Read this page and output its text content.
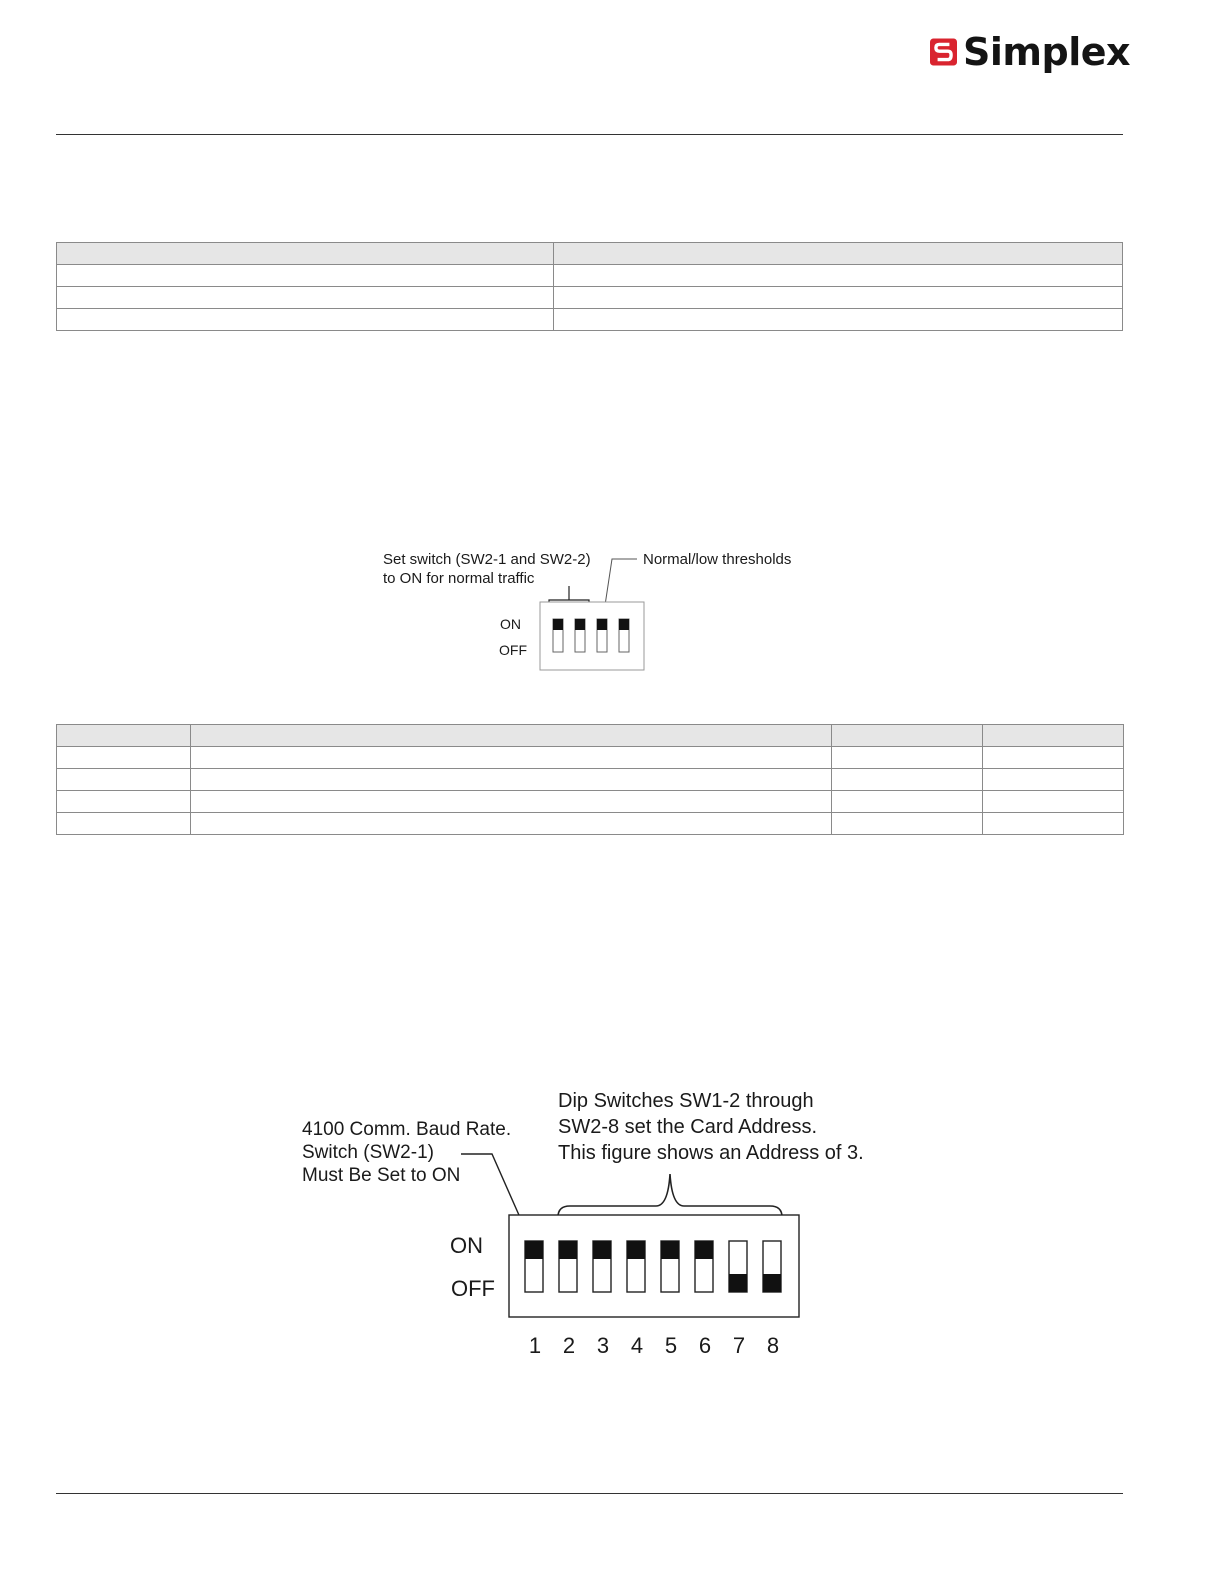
Simplex

Set switch (SW2-1 and SW2-2)
to ON for normal traffic
Normal/low thresholds
ON
OFF

Dip Switches SW1-2 through
SW2-8 set the Card Address.
This figure shows an Address of 3.
4100 Comm. Baud Rate.
Switch (SW2-1)
Must Be Set to ON
ON
OFF
1 2 3 4 5 6 7 8
